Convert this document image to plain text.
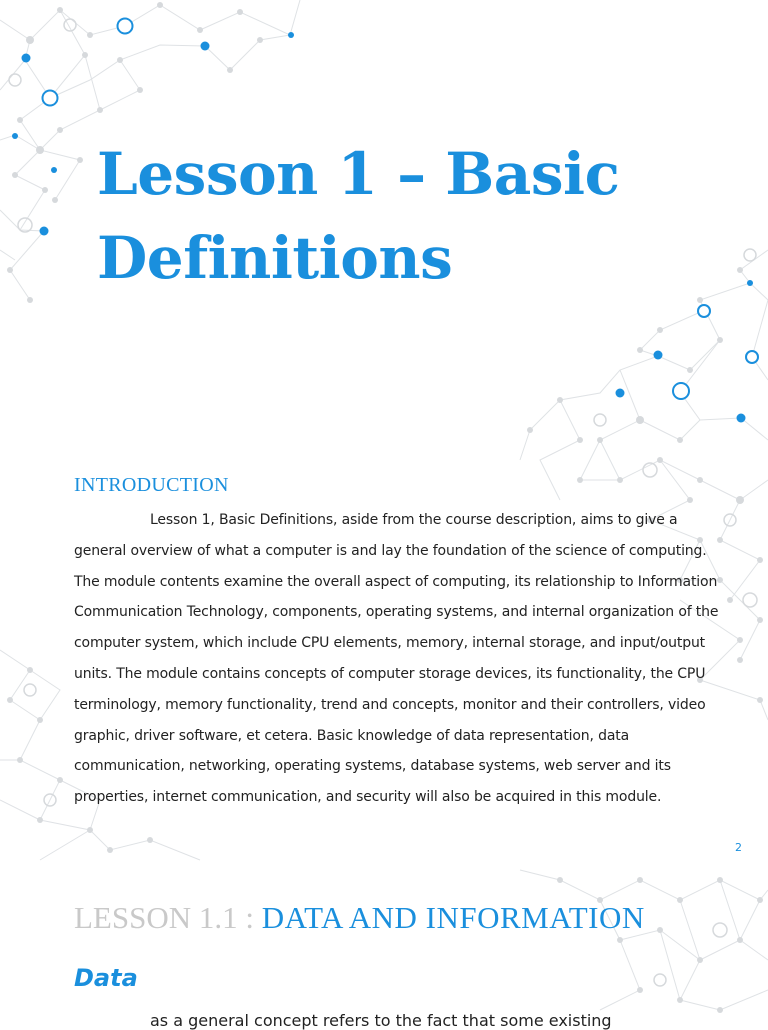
Lesson 1 – Basic Definitions
INTRODUCTION

Lesson 1, Basic Definitions, aside from the course description, aims to give a general overview of what a computer is and lay the foundation of the science of computing. The module contents examine the overall aspect of computing, its relationship to Information Communication Technology, components, operating systems, and internal organization of the computer system, which include CPU elements, memory, internal storage, and input/output units. The module contains concepts of computer storage devices, its functionality, the CPU terminology, memory functionality, trend and concepts, monitor and their controllers, video graphic, driver software, et cetera. Basic knowledge of data representation, data communication, networking, operating systems, database systems, web server and its properties, internet communication, and security will also be acquired in this module.

2
LESSON 1.1 : DATA AND INFORMATION
Data
as a general concept refers to the fact that some existing
